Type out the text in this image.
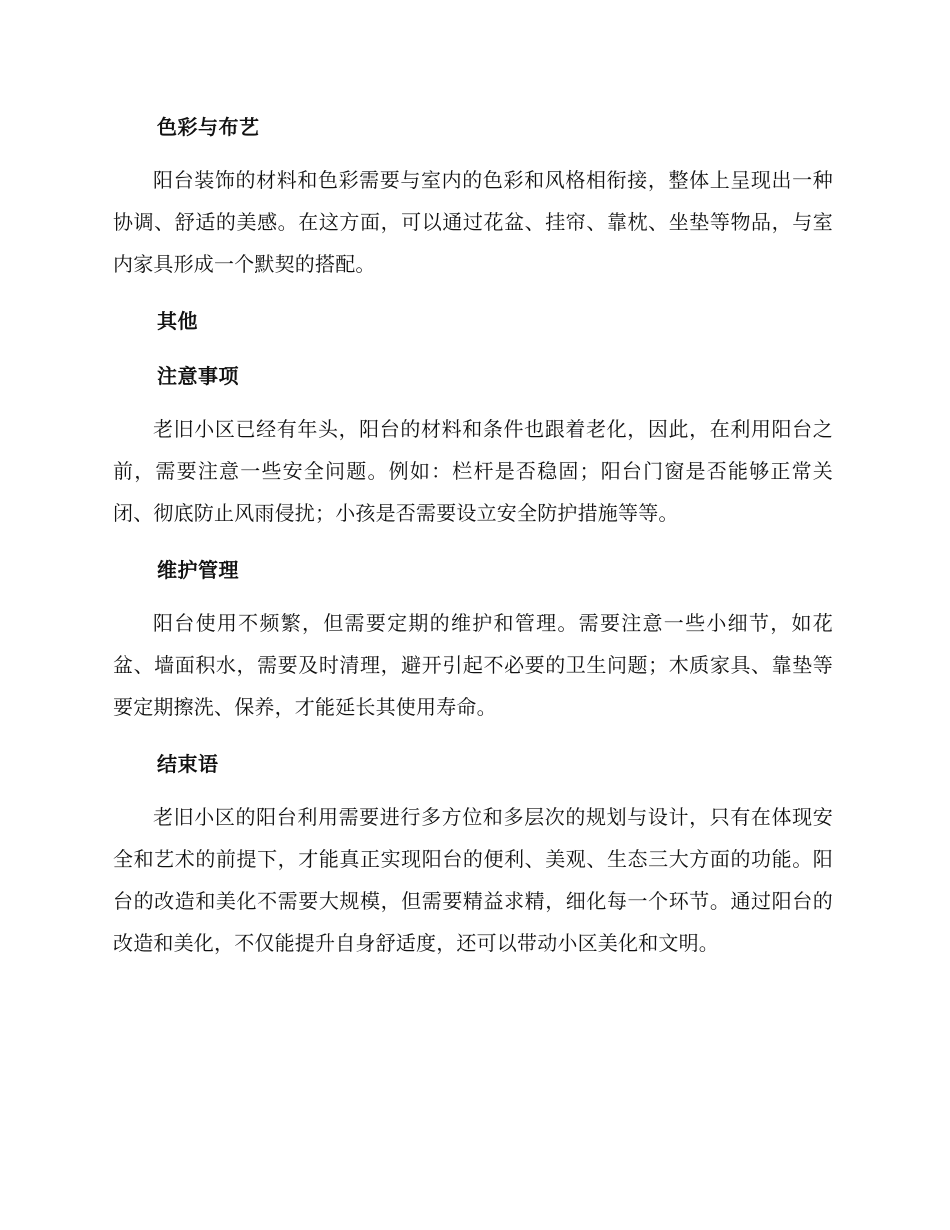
色彩与布艺

阳台装饰的材料和色彩需要与室内的色彩和风格相衔接，整体上呈现出一种协调、舒适的美感。在这方面，可以通过花盆、挂帘、靠枕、坐垫等物品，与室内家具形成一个默契的搭配。

其他
注意事项

老旧小区已经有年头，阳台的材料和条件也跟着老化，因此，在利用阳台之前，需要注意一些安全问题。例如：栏杆是否稳固；阳台门窗是否能够正常关闭、彻底防止风雨侵扰；小孩是否需要设立安全防护措施等等。

维护管理

阳台使用不频繁，但需要定期的维护和管理。需要注意一些小细节，如花盆、墙面积水，需要及时清理，避开引起不必要的卫生问题；木质家具、靠垫等要定期擦洗、保养，才能延长其使用寿命。

结束语

老旧小区的阳台利用需要进行多方位和多层次的规划与设计，只有在体现安全和艺术的前提下，才能真正实现阳台的便利、美观、生态三大方面的功能。阳台的改造和美化不需要大规模，但需要精益求精，细化每一个环节。通过阳台的改造和美化，不仅能提升自身舒适度，还可以带动小区美化和文明。
